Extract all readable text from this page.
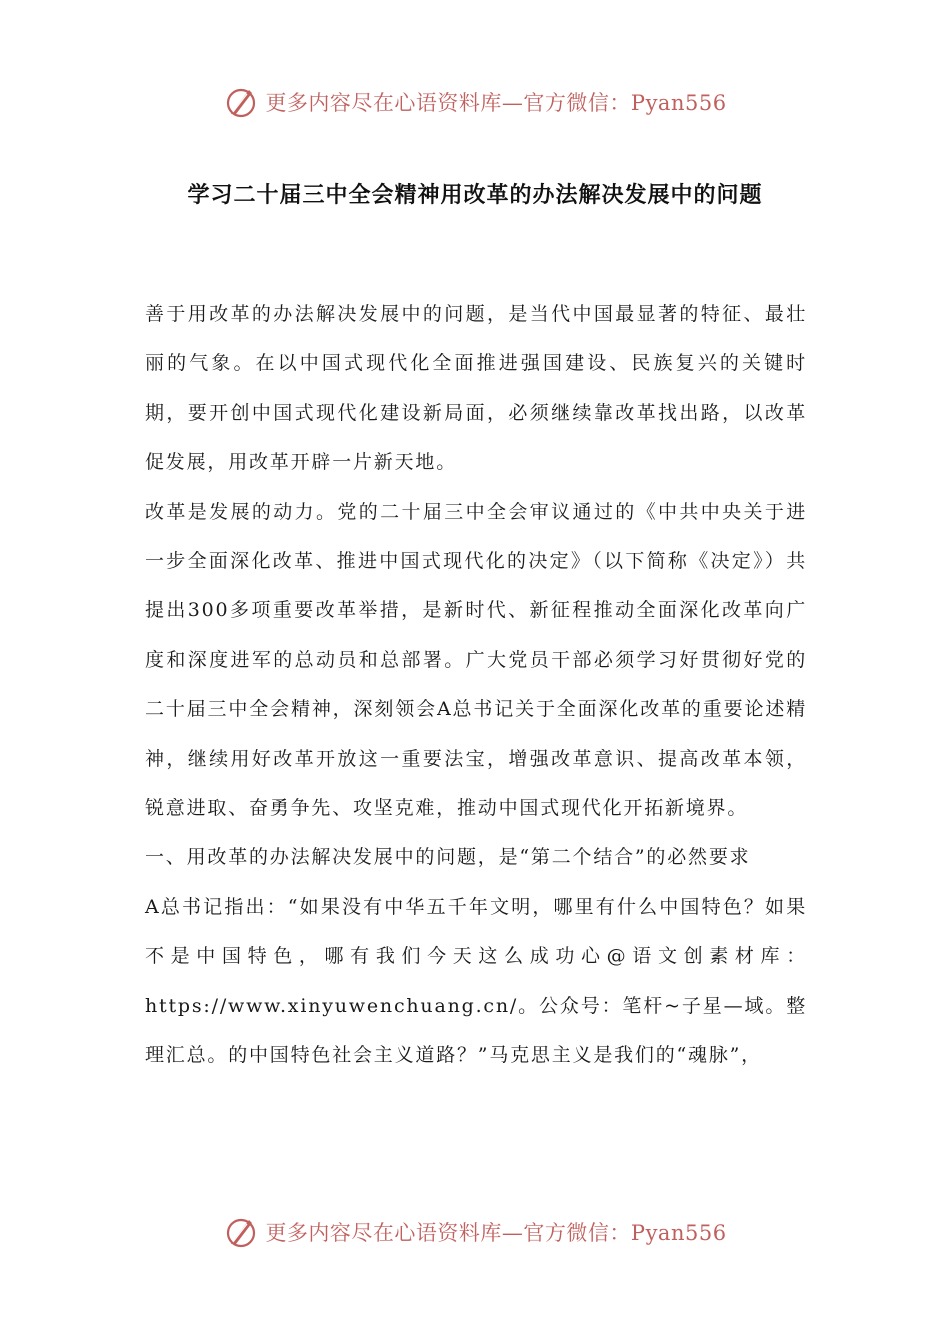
更多内容尽在心语资料库—官方微信：Pyan556
学习二十届三中全会精神用改革的办法解决发展中的问题

善于用改革的办法解决发展中的问题，是当代中国最显著的特征、最壮丽的气象。在以中国式现代化全面推进强国建设、民族复兴的关键时期，要开创中国式现代化建设新局面，必须继续靠改革找出路，以改革促发展，用改革开辟一片新天地。

改革是发展的动力。党的二十届三中全会审议通过的《中共中央关于进一步全面深化改革、推进中国式现代化的决定》（以下简称《决定》）共提出300多项重要改革举措，是新时代、新征程推动全面深化改革向广度和深度进军的总动员和总部署。广大党员干部必须学习好贯彻好党的二十届三中全会精神，深刻领会A总书记关于全面深化改革的重要论述精神，继续用好改革开放这一重要法宝，增强改革意识、提高改革本领，锐意进取、奋勇争先、攻坚克难，推动中国式现代化开拓新境界。

一、用改革的办法解决发展中的问题，是“第二个结合”的必然要求

A总书记指出：“如果没有中华五千年文明，哪里有什么中国特色？如果不是中国特色，哪有我们今天这么成功心@语文创素材库：https://www.xinyuwenchuang.cn/。公众号：笔杆~子星—域。整理汇总。的中国特色社会主义道路？”马克思主义是我们的“魂脉”，

更多内容尽在心语资料库—官方微信：Pyan556
